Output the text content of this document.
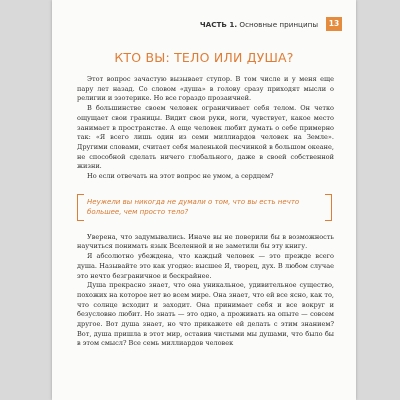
ЧАСТЬ 1. Основные принципы	13
КТО ВЫ: ТЕЛО ИЛИ ДУША?

Этот вопрос зачастую вызывает ступор. В том числе и у меня еще пару лет назад. Со словом «душа» в голову сразу приходят мысли о религии и эзотерике. Но все гораздо прозаичней.

В большинстве своем человек ограничивает себя телом. Он четко ощущает свои границы. Видит свои руки, ноги, чувствует, какое место занимает в пространстве. А еще человек любит думать о себе примерно так: «Я всего лишь один из семи миллиардов человек на Земле». Другими словами, считает себя маленькой песчинкой в большом океане, не способной сделать ничего глобального, даже в своей собственной жизни.

Но если отвечать на этот вопрос не умом, а сердцем?

Неужели вы никогда не думали о том, что вы есть нечто большее, чем просто тело?

Уверена, что задумывались. Иначе вы не поверили бы в возможность научиться понимать язык Вселенной и не заметили бы эту книгу.

Я абсолютно убеждена, что каждый человек — это прежде всего душа. Называйте это как угодно: высшее Я, творец, дух. В любом случае это нечто безграничное и бескрайнее.

Душа прекрасно знает, что она уникальное, удивительное существо, похожих на которое нет во всем мире. Она знает, что ей все ясно, как то, что солнце всходит и заходит. Она принимает себя и все вокруг и безусловно любит. Но знать — это одно, а проживать на опыте — совсем другое. Вот душа знает, но что прикажете ей делать с этим знанием? Вот, душа пришла в этот мир, оставив чистыми мы душами, что было бы в этом смысл? Все семь миллиардов человек
